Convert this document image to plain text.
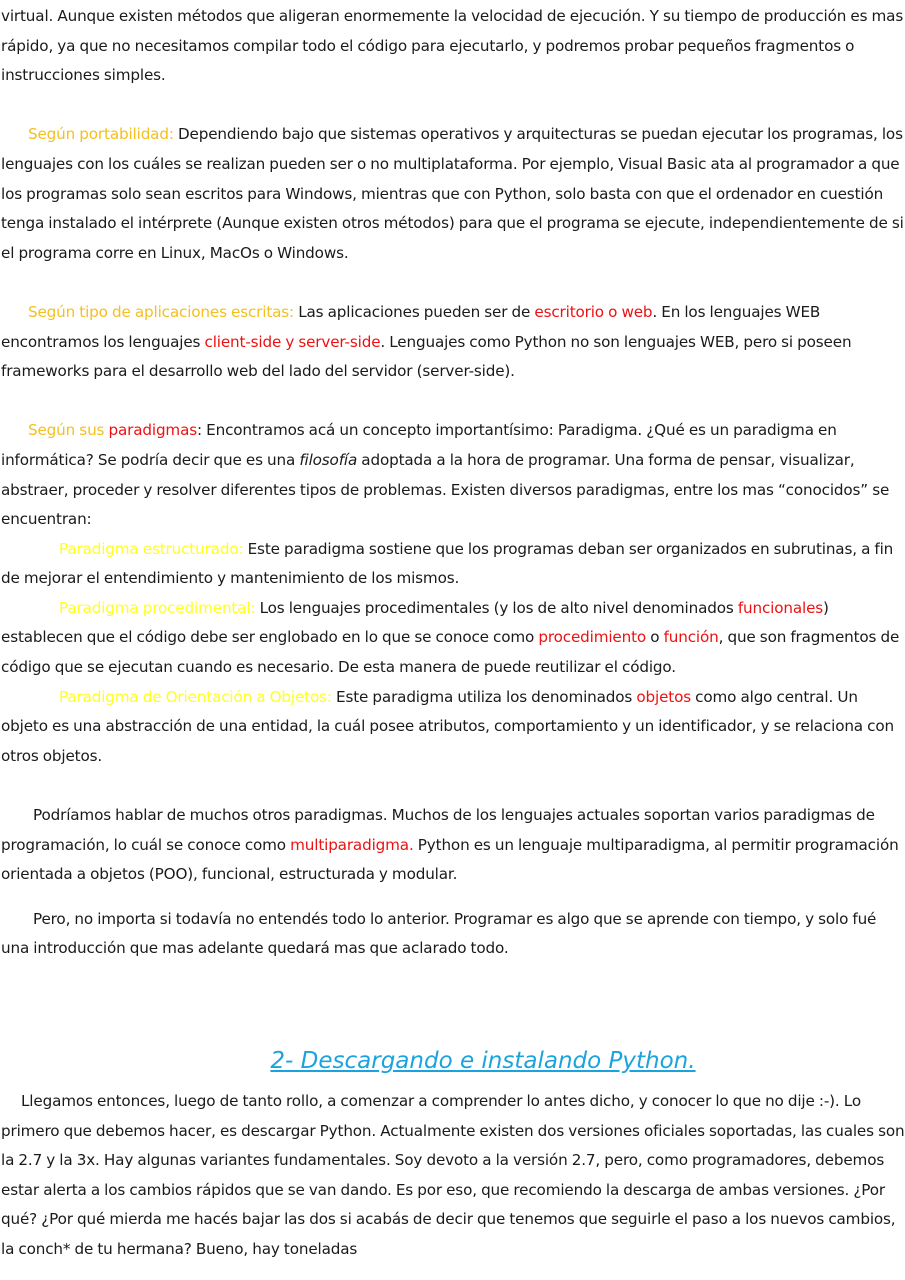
virtual. Aunque existen métodos que aligeran enormemente la velocidad de ejecución. Y su tiempo de producción es mas rápido, ya que no necesitamos compilar todo el código para ejecutarlo, y podremos probar pequeños fragmentos o instrucciones simples.

Según portabilidad: Dependiendo bajo que sistemas operativos y arquitecturas se puedan ejecutar los programas, los lenguajes con los cuáles se realizan pueden ser o no multiplataforma. Por ejemplo, Visual Basic ata al programador a que los programas solo sean escritos para Windows, mientras que con Python, solo basta con que el ordenador en cuestión tenga instalado el intérprete (Aunque existen otros métodos) para que el programa se ejecute, independientemente de si el programa corre en Linux, MacOs o Windows.

Según tipo de aplicaciones escritas: Las aplicaciones pueden ser de escritorio o web. En los lenguajes WEB encontramos los lenguajes client-side y server-side. Lenguajes como Python no son lenguajes WEB, pero si poseen frameworks para el desarrollo web del lado del servidor (server-side).

Según sus paradigmas: Encontramos acá un concepto importantísimo: Paradigma. ¿Qué es un paradigma en informática? Se podría decir que es una filosofía adoptada a la hora de programar. Una forma de pensar, visualizar, abstraer, proceder y resolver diferentes tipos de problemas. Existen diversos paradigmas, entre los mas “conocidos” se encuentran:

Paradigma estructurado: Este paradigma sostiene que los programas deban ser organizados en subrutinas, a fin de mejorar el entendimiento y mantenimiento de los mismos.

Paradigma procedimental: Los lenguajes procedimentales (y los de alto nivel denominados funcionales) establecen que el código debe ser englobado en lo que se conoce como procedimiento o función, que son fragmentos de código que se ejecutan cuando es necesario. De esta manera de puede reutilizar el código.

Paradigma de Orientación a Objetos: Este paradigma utiliza los denominados objetos como algo central. Un objeto es una abstracción de una entidad, la cuál posee atributos, comportamiento y un identificador, y se relaciona con otros objetos.

Podríamos hablar de muchos otros paradigmas. Muchos de los lenguajes actuales soportan varios paradigmas de programación, lo cuál se conoce como multiparadigma. Python es un lenguaje multiparadigma, al permitir programación orientada a objetos (POO), funcional, estructurada y modular.

Pero, no importa si todavía no entendés todo lo anterior. Programar es algo que se aprende con tiempo, y solo fué una introducción que mas adelante quedará mas que aclarado todo.

2- Descargando e instalando Python.

Llegamos entonces, luego de tanto rollo, a comenzar a comprender lo antes dicho, y conocer lo que no dije :-). Lo primero que debemos hacer, es descargar Python. Actualmente existen dos versiones oficiales soportadas, las cuales son la 2.7 y la 3x. Hay algunas variantes fundamentales. Soy devoto a la versión 2.7, pero, como programadores, debemos estar alerta a los cambios rápidos que se van dando. Es por eso, que recomiendo la descarga de ambas versiones. ¿Por qué? ¿Por qué mierda me hacés bajar las dos si acabás de decir que tenemos que seguirle el paso a los nuevos cambios, la conch* de tu hermana? Bueno, hay toneladas
